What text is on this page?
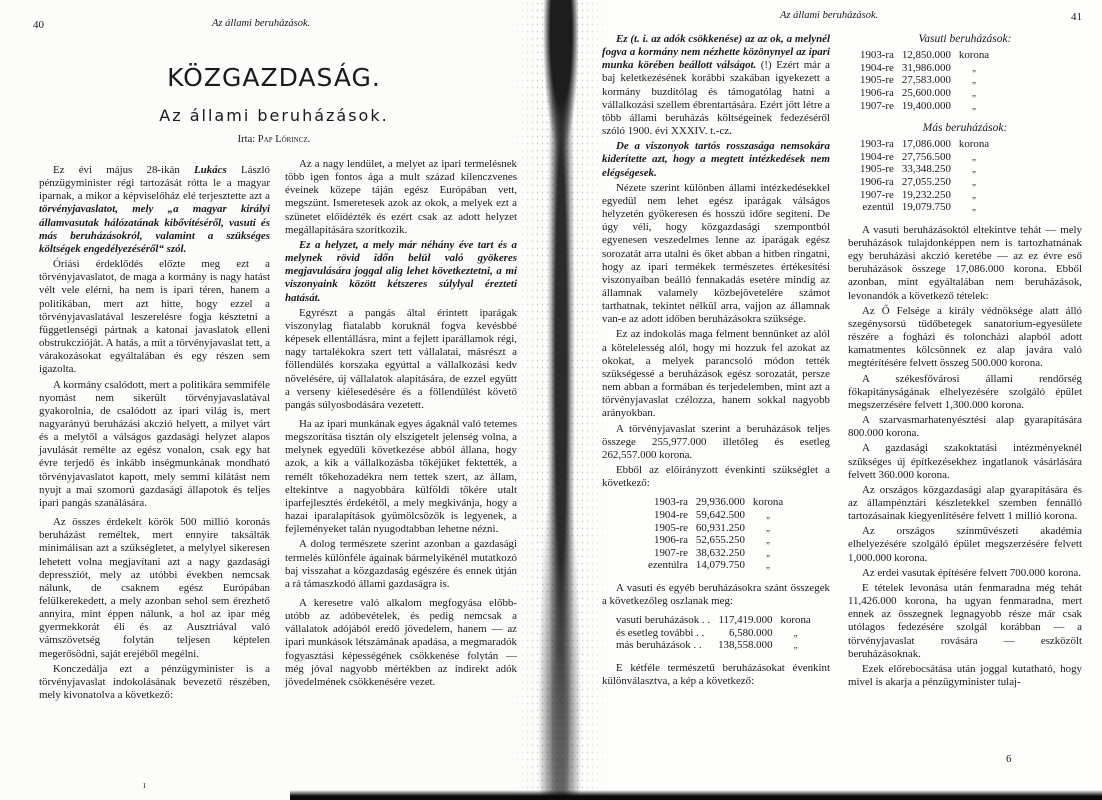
40	Az állami beruházások.
KÖZGAZDASÁG.
Az állami beruházások.
Irta: Pap Lőrincz.

Ez évi május 28-ikán Lukács László pénzügyminister régi tartozását rótta le a magyar iparnak, a mikor a képviselőház elé terjesztette azt a törvényjavaslatot, mely „a magyar királyi államvasutak hálózatának kibővítéséről, vasuti és más beruházásokról, valamint a szükséges költségek engedélyezéséről“ szól.

Óriási érdeklődés előzte meg ezt a törvényjavaslatot, de maga a kormány is nagy hatást vélt vele elérni, ha nem is ipari téren, hanem a politikában, mert azt hitte, hogy ezzel a törvényjavaslatával leszerelésre fogja késztetni a függetlenségi pártnak a katonai javaslatok elleni obstrukczióját. A hatás, a mit a törvényjavaslat tett, a várakozásokat egyáltalában és egy részen sem igazolta.

A kormány csalódott, mert a politikára semmiféle nyomást nem sikerült törvényjavaslatával gyakorolnia, de csalódott az ipari világ is, mert nagyarányú beruházási akczió helyett, a milyet várt és a melytől a válságos gazdasági helyzet alapos javulását remélte az egész vonalon, csak egy hat évre terjedő és inkább inségmunkának mondható törvényjavaslatot kapott, mely semmi kilátást nem nyujt a mai szomorú gazdasági állapotok és teljes ipari pangás szanálására.

Az összes érdekelt körök 500 millió koronás beruházást reméltek, mert ennyire taksálták minimálisan azt a szükségletet, a melylyel sikeresen lehetett volna megjavítani azt a nagy gazdasági depressziót, mely az utóbbi években nemcsak nálunk, de csaknem egész Európában felülkerekedett, a mely azonban sehol sem érezhető annyira, mint éppen nálunk, a hol az ipar még gyermekkorát éli és az Ausztriával való vámszövetség folytán teljesen képtelen megerősödni, saját erejéből megélni.

Konczedálja ezt a pénzügyminister is a törvényjavaslat indokolásának bevezető részében, mely kivonatolva a következő:

Az a nagy lendület, a melyet az ipari termelésnek több igen fontos ága a mult század kilenczvenes éveinek közepe táján egész Európában vett, megszünt. Ismeretesek azok az okok, a melyek ezt a szünetet előidézték és ezért csak az adott helyzet megállapítására szorítkozik.

Ez a helyzet, a mely már néhány éve tart és a melynek rövid időn belül való gyökeres megjavulására joggal alig lehet következtetni, a mi viszonyaink között kétszeres súlylyal érezteti hatását.

Egyrészt a pangás által érintett iparágak viszonylag fiatalabb koruknál fogva kevésbbé képesek ellentállásra, mint a fejlett iparállamok régi, nagy tartalékokra szert tett vállalatai, másrészt a föllendülés korszaka egyúttal a vállalkozási kedv növelésére, új vállalatok alapítására, de ezzel együtt a verseny kiélesedésére és a föllendülést követő pangás súlyosbodására vezetett.

Ha az ipari munkának egyes ágaknál való tetemes megszorítása tisztán oly elszigetelt jelenség volna, a melynek egyedüli következése abból állana, hogy azok, a kik a vállalkozásba tőkéjüket fektették, a remélt tőkehozadékra nem tettek szert, az állam, eltekintve a nagyobbára külföldi tőkére utalt iparfejlesztés érdekétől, a mely megkivánja, hogy a hazai iparalapítások gyümölcsözők is legyenek, a fejleményeket talán nyugodtabban lehetne nézni.

A dolog természete szerint azonban a gazdasági termelés különféle ágainak bármelyikénél mutatkozó baj visszahat a közgazdaság egészére és ennek útján a rá támaszkodó állami gazdaságra is.

A keresetre való alkalom megfogyása előbb-utóbb az adóbevételek, és pedig nemcsak a vállalatok adójából eredő jövedelem, hanem — az ipari munkások létszámának apadása, a megmaradók fogyasztási képességének csökkenése folytán — még jóval nagyobb mértékben az indirekt adók jövedelmének csökkenésére vezet.

ı
Az állami beruházások.	41

Ez (t. i. az adók csökkenése) az az ok, a melynél fogva a kormány nem nézhette közönynyel az ipari munka körében beállott válságot. (!) Ezért már a baj keletkezésének korábbi szakában igyekezett a kormány buzdítólag és támogatólag hatni a vállalkozási szellem ébrentartására. Ezért jött létre a több állami beruházás költségeinek fedezéséről szóló 1900. évi XXXIV. t.-cz.

De a viszonyok tartós rosszasága nemsokára kiderítette azt, hogy a megtett intézkedések nem elégségesek.

Nézete szerint különben állami intézkedésekkel egyedül nem lehet egész iparágak válságos helyzetén gyökeresen és hosszú időre segíteni. De úgy véli, hogy közgazdasági szempontból egyenesen veszedelmes lenne az iparágak egész sorozatát arra utalni és őket abban a hitben ringatni, hogy az ipari termékek természetes értékesítési viszonyaiban beálló fennakadás esetére mindig az államnak valamely közbejövetelére számot tarthatnak, tekintet nélkül arra, vajjon az államnak van-e az adott időben beruházásokra szüksége.

Ez az indokolás maga felment bennünket az alól a kötelelesség alól, hogy mi hozzuk fel azokat az okokat, a melyek parancsoló módon tették szükségessé a beruházások egész sorozatát, persze nem abban a formában és terjedelemben, mint azt a törvényjavaslat czélozza, hanem sokkal nagyobb arányokban.

A törvényjavaslat szerint a beruházások teljes összege 255,977.000 illetőleg és esetleg 262,557.000 korona.

Ebből az előirányzott évenkinti szükséglet a következő:

1903-ra	29,936.000	korona
1904-re	59,642.500	„
1905-re	60,931.250	„
1906-ra	52,655.250	„
1907-re	38,632.250	„
ezentúlra	14,079.750	„

A vasuti és egyéb beruházásokra szánt összegek a következőleg oszlanak meg:

vasuti beruházások . .	117,419.000	korona
és esetleg további . .	6,580.000	„
más beruházások . .	138,558.000	„

E kétféle természetű beruházásokat évenkint különválasztva, a kép a következő:

Vasuti beruházások:
1903-ra	12,850.000	korona
1904-re	31,986.000	„
1905-re	27,583.000	„
1906-ra	25,600.000	„
1907-re	19,400.000	„
Más beruházások:
1903-ra	17,086.000	korona
1904-re	27,756.500	„
1905-re	33,348.250	„
1906-ra	27,055.250	„
1907-re	19,232.250	„
ezentúl	19,079.750	„

A vasuti beruházásoktól eltekintve tehát — mely beruházások tulajdonképpen nem is tartozhatnának egy beruházási akczió keretébe — az ez évre eső beruházások összege 17,086.000 korona. Ebből azonban, mint egyáltalában nem beruházások, levonandók a következő tételek:

Az Ő Felsége a király védnöksége alatt álló szegénysorsú tüdőbetegek sanatorium-egyesülete részére a fogházi és toloncházi alapból adott kamatmentes kölcsönnek ez alap javára való megtérítésére felvett összeg 500.000 korona.

A székesfővárosi állami rendőrség főkapitányságának elhelyezésére szolgáló épület megszerzésére felvett 1,300.000 korona.

A szarvasmarhatenyésztési alap gyarapítására 800.000 korona.

A gazdasági szakoktatási intézményeknél szükséges új építkezésekhez ingatlanok vásárlására felvett 360.000 korona.

Az országos közgazdasági alap gyarapítására és az állampénztári készletekkel szemben fennálló tartozásainak kiegyenlítésére felvett 1 millió korona.

Az országos színművészeti akadémia elhelyezésére szolgáló épület megszerzésére felvett 1,000.000 korona.

Az erdei vasutak építésére felvett 700.000 korona.

E tételek levonása után fenmaradna még tehát 11,426.000 korona, ha ugyan fenmaradna, mert ennek az összegnek legnagyobb része már csak utólagos fedezésére szolgál korábban — a törvényjavaslat rovására — eszközölt beruházásoknak.

Ezek előrebocsátása után joggal kutatható, hogy mivel is akarja a pénzügyminister tulaj-

6
